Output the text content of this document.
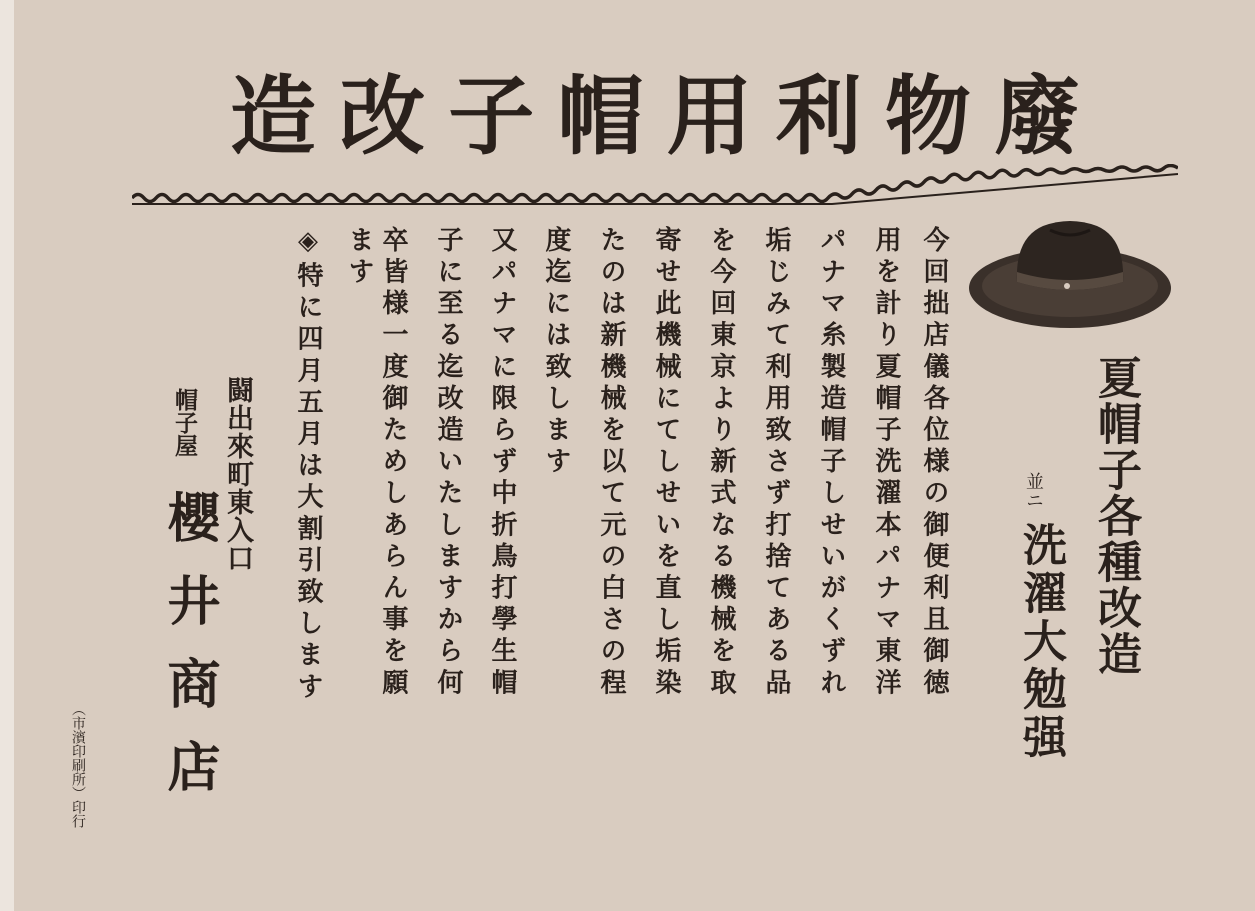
廢
物
利
用
帽
子
改
造
夏帽子各種改造
並ニ
洗濯大勉强
今回拙店儀各位様の御便利且御徳
用を計り夏帽子洗濯本パナマ東洋
パナマ糸製造帽子しせいがくずれ
垢じみて利用致さず打捨てある品
を今回東京より新式なる機械を取
寄せ此機械にてしせいを直し垢染
たのは新機械を以て元の白さの程
度迄には致します
又パナマに限らず中折鳥打學生帽
子に至る迄改造いたしますから何
卒皆様一度御ためしあらん事を願
ます
◈特に四月五月は大割引致します
闘出來町東入口
帽子屋
櫻井商店
（市濱印刷所）印行
